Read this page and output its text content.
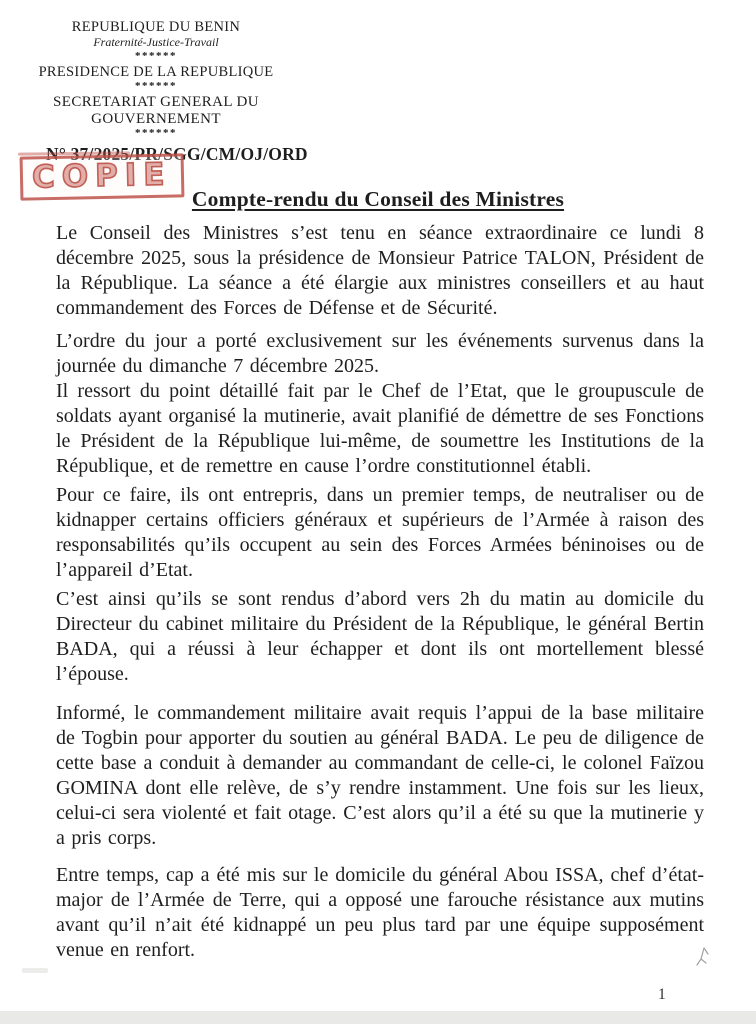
REPUBLIQUE DU BENIN
Fraternité-Justice-Travail
******
PRESIDENCE DE LA REPUBLIQUE
******
SECRETARIAT GENERAL DU
GOUVERNEMENT
******
N° 37/2025/PR/SGG/CM/OJ/ORD
COPIE
Compte-rendu du Conseil des Ministres

Le Conseil des Ministres s’est tenu en séance extraordinaire ce lundi 8 décembre 2025, sous la présidence de Monsieur Patrice TALON, Président de la République. La séance a été élargie aux ministres conseillers et au haut commandement des Forces de Défense et de Sécurité.

L’ordre du jour a porté exclusivement sur les événements survenus dans la journée du dimanche 7 décembre 2025.

Il ressort du point détaillé fait par le Chef de l’Etat, que le groupuscule de soldats ayant organisé la mutinerie, avait planifié de démettre de ses Fonctions le Président de la République lui-même, de soumettre les Institutions de la République, et de remettre en cause l’ordre constitutionnel établi.

Pour ce faire, ils ont entrepris, dans un premier temps, de neutraliser ou de kidnapper certains officiers généraux et supérieurs de l’Armée à raison des responsabilités qu’ils occupent au sein des Forces Armées béninoises ou de l’appareil d’Etat.

C’est ainsi qu’ils se sont rendus d’abord vers 2h du matin au domicile du Directeur du cabinet militaire du Président de la République, le général Bertin BADA, qui a réussi à leur échapper et dont ils ont mortellement blessé l’épouse.

Informé, le commandement militaire avait requis l’appui de la base militaire de Togbin pour apporter du soutien au général BADA. Le peu de diligence de cette base a conduit à demander au commandant de celle-ci, le colonel Faïzou GOMINA dont elle relève, de s’y rendre instamment. Une fois sur les lieux, celui-ci sera violenté et fait otage. C’est alors qu’il a été su que la mutinerie y a pris corps.

Entre temps, cap a été mis sur le domicile du général Abou ISSA, chef d’état-major de l’Armée de Terre, qui a opposé une farouche résistance aux mutins avant qu’il n’ait été kidnappé un peu plus tard par une équipe supposément venue en renfort.

1
